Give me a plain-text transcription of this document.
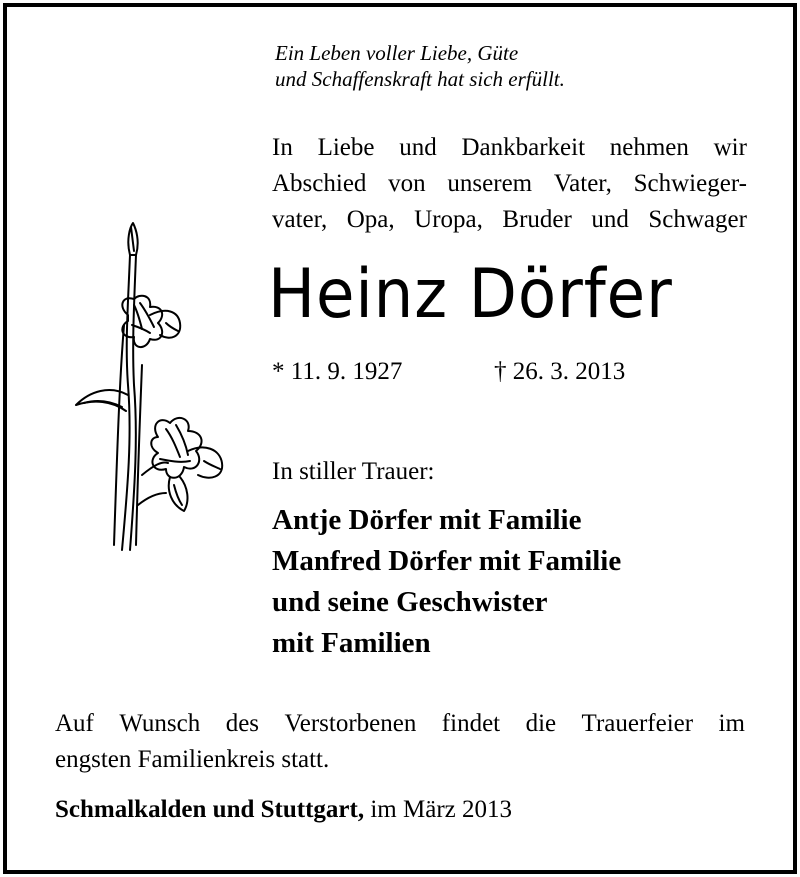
Ein Leben voller Liebe, Güte
und Schaffenskraft hat sich erfüllt.
In Liebe und Dankbarkeit nehmen wir
Abschied von unserem Vater, Schwieger-
vater, Opa, Uropa, Bruder und Schwager
Heinz Dörfer
* 11. 9. 1927	† 26. 3. 2013
In stiller Trauer:
Antje Dörfer mit Familie
Manfred Dörfer mit Familie
und seine Geschwister
mit Familien
Auf Wunsch des Verstorbenen findet die Trauerfeier im
engsten Familienkreis statt.
Schmalkalden und Stuttgart, im März 2013
